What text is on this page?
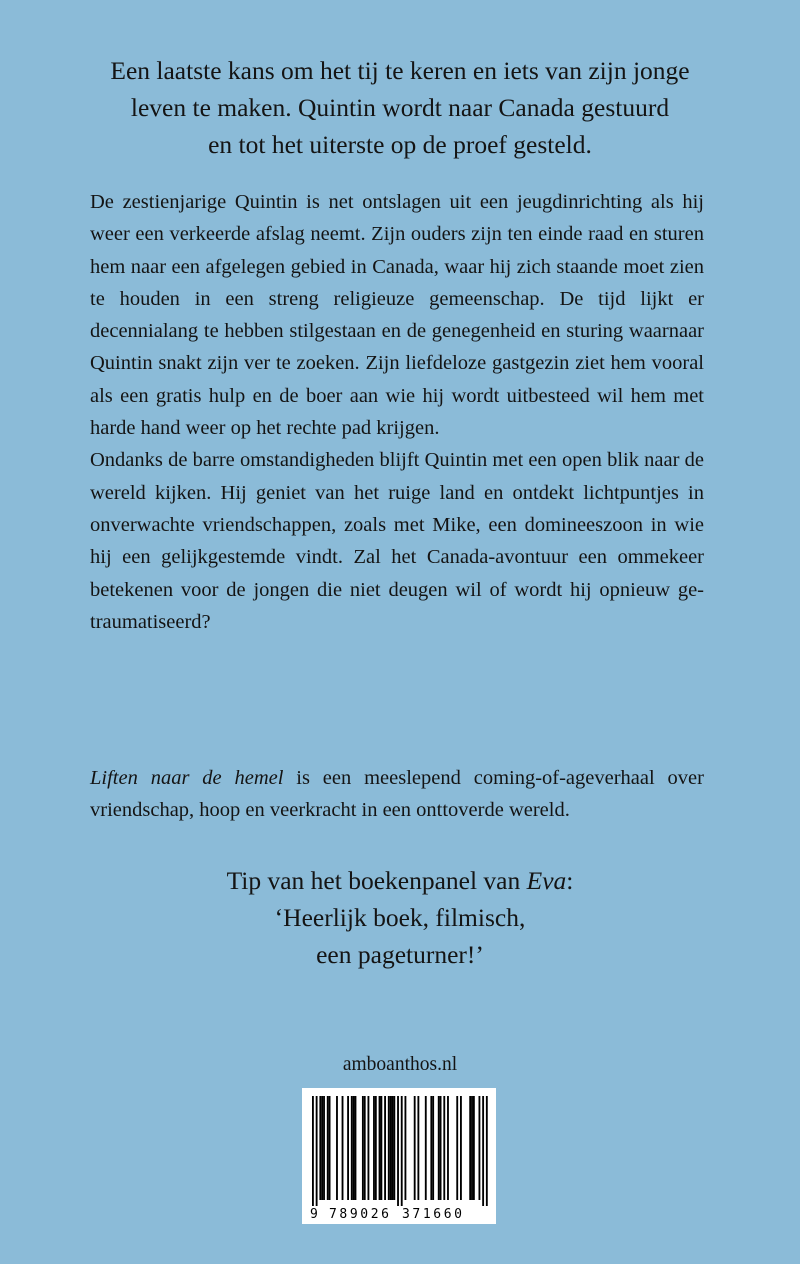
Een laatste kans om het tij te keren en iets van zijn jonge
leven te maken. Quintin wordt naar Canada gestuurd
en tot het uiterste op de proef gesteld.

De zestienjarige Quintin is net ontslagen uit een jeugdinrichting als hij weer een verkeerde afslag neemt. Zijn ouders zijn ten einde raad en sturen hem naar een afgelegen gebied in Canada, waar hij zich staande moet zien te houden in een streng religieuze gemeenschap. De tijd lijkt er decennialang te hebben stilgestaan en de genegenheid en sturing waarnaar Quintin snakt zijn ver te zoeken. Zijn liefdeloze gastgezin ziet hem vooral als een gratis hulp en de boer aan wie hij wordt uitbesteed wil hem met harde hand weer op het rechte pad krijgen.

Ondanks de barre omstandigheden blijft Quintin met een open blik naar de wereld kijken. Hij geniet van het ruige land en ontdekt lichtpuntjes in onverwachte vriendschappen, zoals met Mike, een domineeszoon in wie hij een gelijkgestemde vindt. Zal het Canada-avontuur een ommekeer betekenen voor de jongen die niet deugen wil of wordt hij opnieuw getraumatiseerd?

Liften naar de hemel is een meeslepend coming-of-ageverhaal over vriendschap, hoop en veerkracht in een onttoverde wereld.
Tip van het boekenpanel van Eva:
‘Heerlijk boek, filmisch,
een pageturner!’
amboanthos.nl
9 789026 371660
